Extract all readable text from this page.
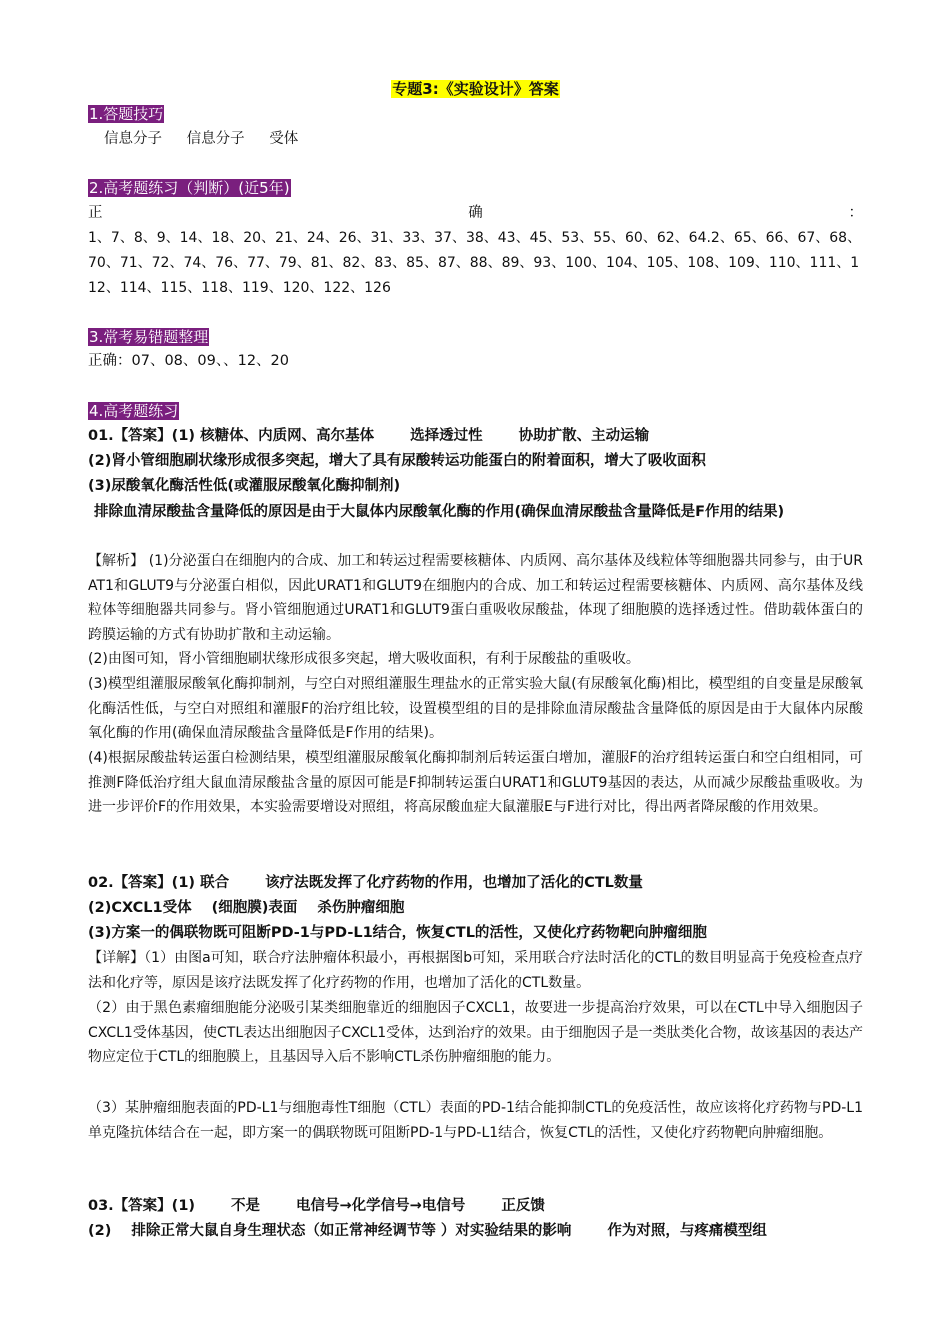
专题3:《实验设计》答案
1.答题技巧
信息分子 信息分子 受体
2.高考题练习（判断）(近5年)
正	确	：
1、7、8、9、14、18、20、21、24、26、31、33、37、38、43、45、53、55、60、62、64.2、65、66、67、68、70、71、72、74、76、77、79、81、82、83、85、87、88、89、93、100、104、105、108、109、110、111、112、114、115、118、119、120、122、126
3.常考易错题整理
正确：07、08、09、、12、20
4.高考题练习
01.【答案】(1) 核糖体、内质网、高尔基体 选择透过性 协助扩散、主动运输
(2)肾小管细胞刷状缘形成很多突起，增大了具有尿酸转运功能蛋白的附着面积，增大了吸收面积
(3)尿酸氧化酶活性低(或灌服尿酸氧化酶抑制剂)
排除血清尿酸盐含量降低的原因是由于大鼠体内尿酸氧化酶的作用(确保血清尿酸盐含量降低是F作用的结果)
【解析】 (1)分泌蛋白在细胞内的合成、加工和转运过程需要核糖体、内质网、高尔基体及线粒体等细胞器共同参与，由于URAT1和GLUT9与分泌蛋白相似，因此URAT1和GLUT9在细胞内的合成、加工和转运过程需要核糖体、内质网、高尔基体及线粒体等细胞器共同参与。肾小管细胞通过URAT1和GLUT9蛋白重吸收尿酸盐，体现了细胞膜的选择透过性。借助载体蛋白的跨膜运输的方式有协助扩散和主动运输。
(2)由图可知，肾小管细胞刷状缘形成很多突起，增大吸收面积，有利于尿酸盐的重吸收。
(3)模型组灌服尿酸氧化酶抑制剂，与空白对照组灌服生理盐水的正常实验大鼠(有尿酸氧化酶)相比，模型组的自变量是尿酸氧化酶活性低，与空白对照组和灌服F的治疗组比较，设置模型组的目的是排除血清尿酸盐含量降低的原因是由于大鼠体内尿酸氧化酶的作用(确保血清尿酸盐含量降低是F作用的结果)。
(4)根据尿酸盐转运蛋白检测结果，模型组灌服尿酸氧化酶抑制剂后转运蛋白增加，灌服F的治疗组转运蛋白和空白组相同，可推测F降低治疗组大鼠血清尿酸盐含量的原因可能是F抑制转运蛋白URAT1和GLUT9基因的表达，从而减少尿酸盐重吸收。为进一步评价F的作用效果，本实验需要增设对照组，将高尿酸血症大鼠灌服E与F进行对比，得出两者降尿酸的作用效果。
02.【答案】(1) 联合 该疗法既发挥了化疗药物的作用，也增加了活化的CTL数量
(2)CXCL1受体 (细胞膜)表面 杀伤肿瘤细胞
(3)方案一的偶联物既可阻断PD-1与PD-L1结合，恢复CTL的活性，又使化疗药物靶向肿瘤细胞
【详解】（1）由图a可知，联合疗法肿瘤体积最小，再根据图b可知，采用联合疗法时活化的CTL的数目明显高于免疫检查点疗法和化疗等，原因是该疗法既发挥了化疗药物的作用，也增加了活化的CTL数量。
（2）由于黑色素瘤细胞能分泌吸引某类细胞靠近的细胞因子CXCL1，故要进一步提高治疗效果，可以在CTL中导入细胞因子CXCL1受体基因，使CTL表达出细胞因子CXCL1受体，达到治疗的效果。由于细胞因子是一类肽类化合物，故该基因的表达产物应定位于CTL的细胞膜上，且基因导入后不影响CTL杀伤肿瘤细胞的能力。
（3）某肿瘤细胞表面的PD-L1与细胞毒性T细胞（CTL）表面的PD-1结合能抑制CTL的免疫活性，故应该将化疗药物与PD-L1单克隆抗体结合在一起，即方案一的偶联物既可阻断PD-1与PD-L1结合，恢复CTL的活性，又使化疗药物靶向肿瘤细胞。
03.【答案】(1) 不是 电信号→化学信号→电信号 正反馈
(2) 排除正常大鼠自身生理状态（如正常神经调节等 ）对实验结果的影响 作为对照，与疼痛模型组
